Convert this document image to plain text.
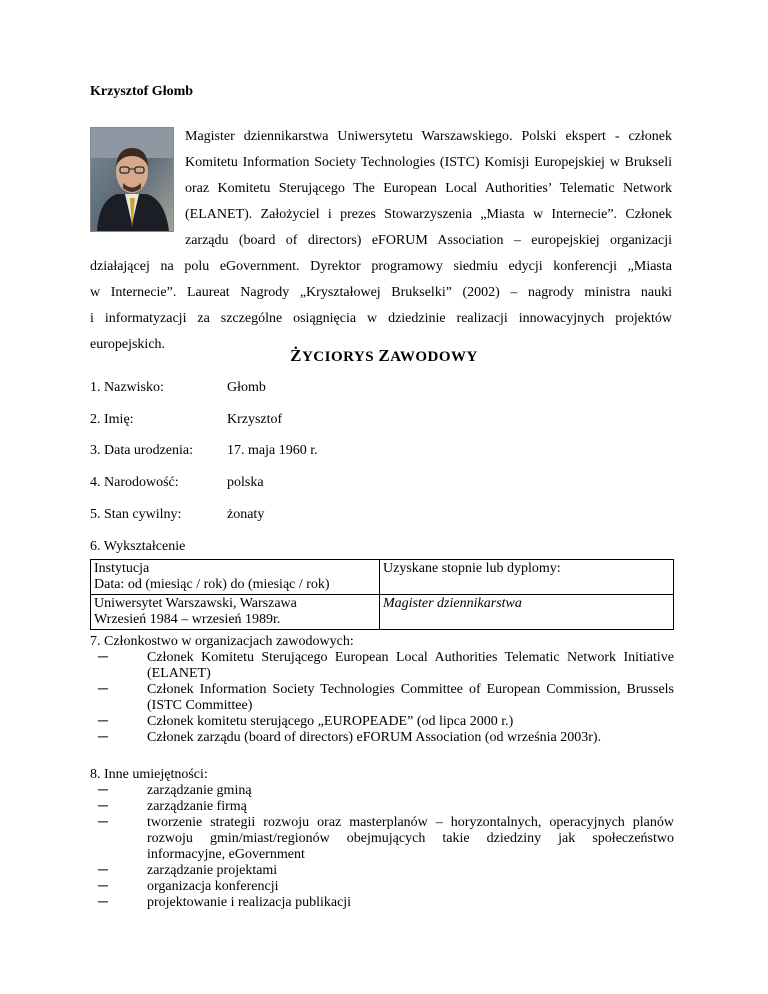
Krzysztof Głomb
Magister dziennikarstwa Uniwersytetu Warszawskiego. Polski ekspert - członek
Komitetu Information Society Technologies (ISTC) Komisji Europejskiej w Brukseli
oraz Komitetu Sterującego The European Local Authorities’ Telematic Network
(ELANET). Założyciel i prezes Stowarzyszenia „Miasta w Internecie”. Członek
zarządu (board of directors) eFORUM Association – europejskiej organizacji
działającej na polu eGovernment. Dyrektor programowy siedmiu edycji konferencji „Miasta
w Internecie”. Laureat Nagrody „Kryształowej Brukselki” (2002) – nagrody ministra nauki
i informatyzacji za szczególne osiągnięcia w dziedzinie realizacji innowacyjnych projektów
europejskich.
ŻYCIORYS ZAWODOWY
1. Nazwisko:	Głomb
2. Imię:	Krzysztof
3. Data urodzenia: 17. maja 1960 r.
4. Narodowość:	polska
5. Stan cywilny:	żonaty
6. Wykształcenie
Instytucja
Data: od (miesiąc / rok) do (miesiąc / rok)	Uzyskane stopnie lub dyplomy:

Uniwersytet Warszawski, Warszawa
Wrzesień 1984 – wrzesień 1989r.	Magister dziennikarstwa
7. Członkostwo w organizacjach zawodowych:
─	Członek Komitetu Sterującego European Local Authorities Telematic Network Initiative (ELANET)
─	Członek Information Society Technologies Committee of European Commission, Brussels (ISTC Committee)
─	Członek komitetu sterującego „EUROPEADE” (od lipca 2000 r.)
─	Członek zarządu (board of directors) eFORUM Association (od września 2003r).
8. Inne umiejętności:
─	zarządzanie gminą
─	zarządzanie firmą
─	tworzenie strategii rozwoju oraz masterplanów – horyzontalnych, operacyjnych planów rozwoju gmin/miast/regionów obejmujących takie dziedziny jak społeczeństwo informacyjne, eGovernment
─	zarządzanie projektami
─	organizacja konferencji
─	projektowanie i realizacja publikacji
